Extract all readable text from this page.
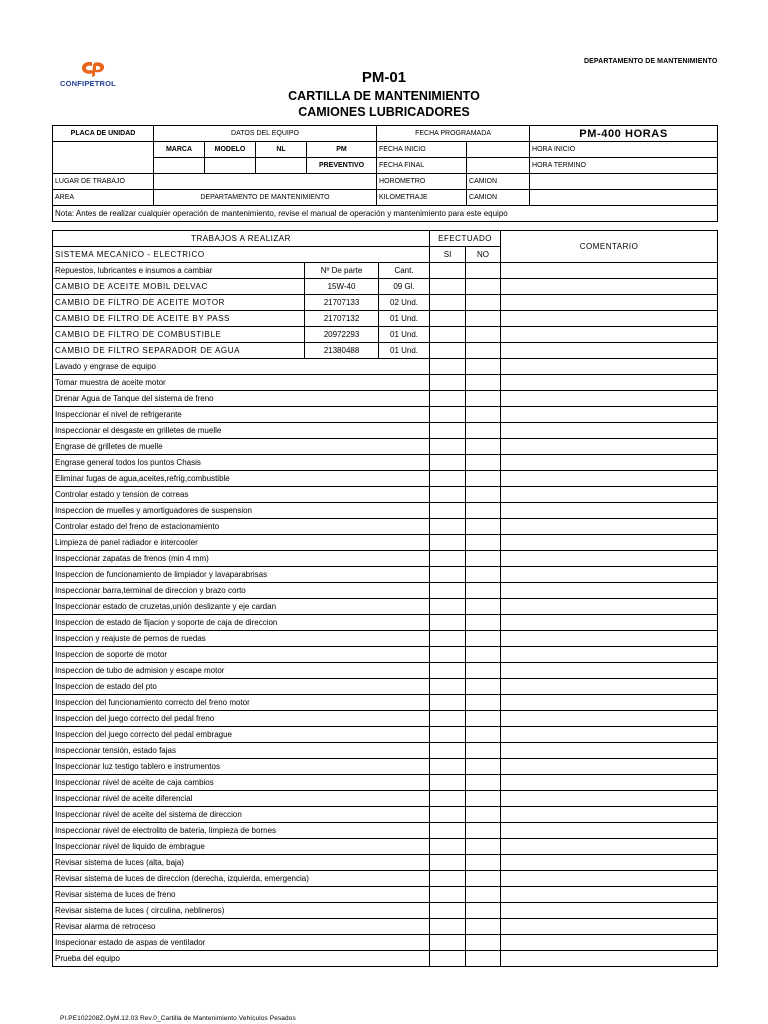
DEPARTAMENTO DE MANTENIMIENTO
CONFIPETROL	PM-01
CARTILLA DE MANTENIMIENTO
CAMIONES LUBRICADORES
PLACA DE UNIDAD	DATOS DEL EQUIPO				FECHA PROGRAMADA		PM-400 HORAS
	MARCA	MODELO	NL	PM	FECHA INICIO		HORA INICIO
				PREVENTIVO	FECHA FINAL		HORA TERMINO
LUGAR DE TRABAJO					HOROMETRO	CAMION	
AREA	DEPARTAMENTO DE MANTENIMIENTO				KILOMETRAJE	CAMION	
Nota: Antes de realizar cualquier operación de mantenimiento, revise el manual de operación y mantenimiento para este equipo							
TRABAJOS A REALIZAR			EFECTUADO		COMENTARIO
SISTEMA MECANICO - ELECTRICO			SI	NO	
Repuestos, lubricantes e insumos a cambiar	Nº De parte	Cant.			
CAMBIO DE ACEITE MOBIL DELVAC	15W-40	09 Gl.			
CAMBIO DE FILTRO DE ACEITE MOTOR	21707133	02 Und.			
CAMBIO DE FILTRO DE ACEITE BY PASS	21707132	01 Und.			
CAMBIO DE FILTRO DE COMBUSTIBLE	20972293	01 Und.			
CAMBIO DE FILTRO SEPARADOR DE AGUA	21380488	01 Und.			
Lavado y engrase de equipo					
Tomar muestra de aceite motor					
Drenar Agua de Tanque del sistema de freno					
Inspeccionar el nivel de refrigerante					
Inspeccionar el desgaste en grilletes de muelle					
Engrase de grilletes de muelle					
Engrase general todos los puntos Chasis					
Eliminar fugas de agua,aceites,refrig,combustible					
Controlar estado y tension de correas					
Inspeccion de muelles y amortiguadores de suspension					
Controlar estado del freno de estacionamiento					
Limpieza de panel radiador e intercooler					
Inspeccionar zapatas de frenos (min 4 mm)					
Inspeccion de funcionamiento de limpiador y lavaparabrisas					
Inspeccionar barra,terminal de direccion y brazo corto					
Inspeccionar estado de cruzetas,unión deslizante y eje cardan					
Inspeccion de estado de fijacion y soporte de caja de direccion					
Inspeccion y reajuste de pernos de ruedas					
Inspeccion de soporte de motor					
Inspeccion de tubo de admision y escape motor					
Inspeccion de estado del pto					
Inspeccion del funcionamiento correcto del freno motor					
Inspeccion del juego correcto del pedal freno					
Inspeccion del juego correcto del pedal embrague					
Inspeccionar tensión, estado fajas					
Inspeccionar luz testigo tablero e instrumentos					
Inspeccionar nivel de aceite de caja cambios					
Inspeccionar nivel de aceite diferencial					
Inspeccionar nivel de aceite del sistema de direccion					
Inspeccionar nivel de electrolito de bateria, limpieza de bornes					
Inspeccionar nivel de liquido de embrague					
Revisar sistema de luces (alta, baja)					
Revisar sistema de luces de direccion (derecha, izquierda, emergencia)					
Revisar sistema de luces de freno					
Revisar sistema de luces ( circulina, neblineros)					
Revisar alarma de retroceso					
Inspecionar estado de aspas de ventilador					
Prueba del equipo					
PI.PE102208Z.OyM.12.03 Rev.0_Cartilla de Mantenimiento Vehículos Pesados
